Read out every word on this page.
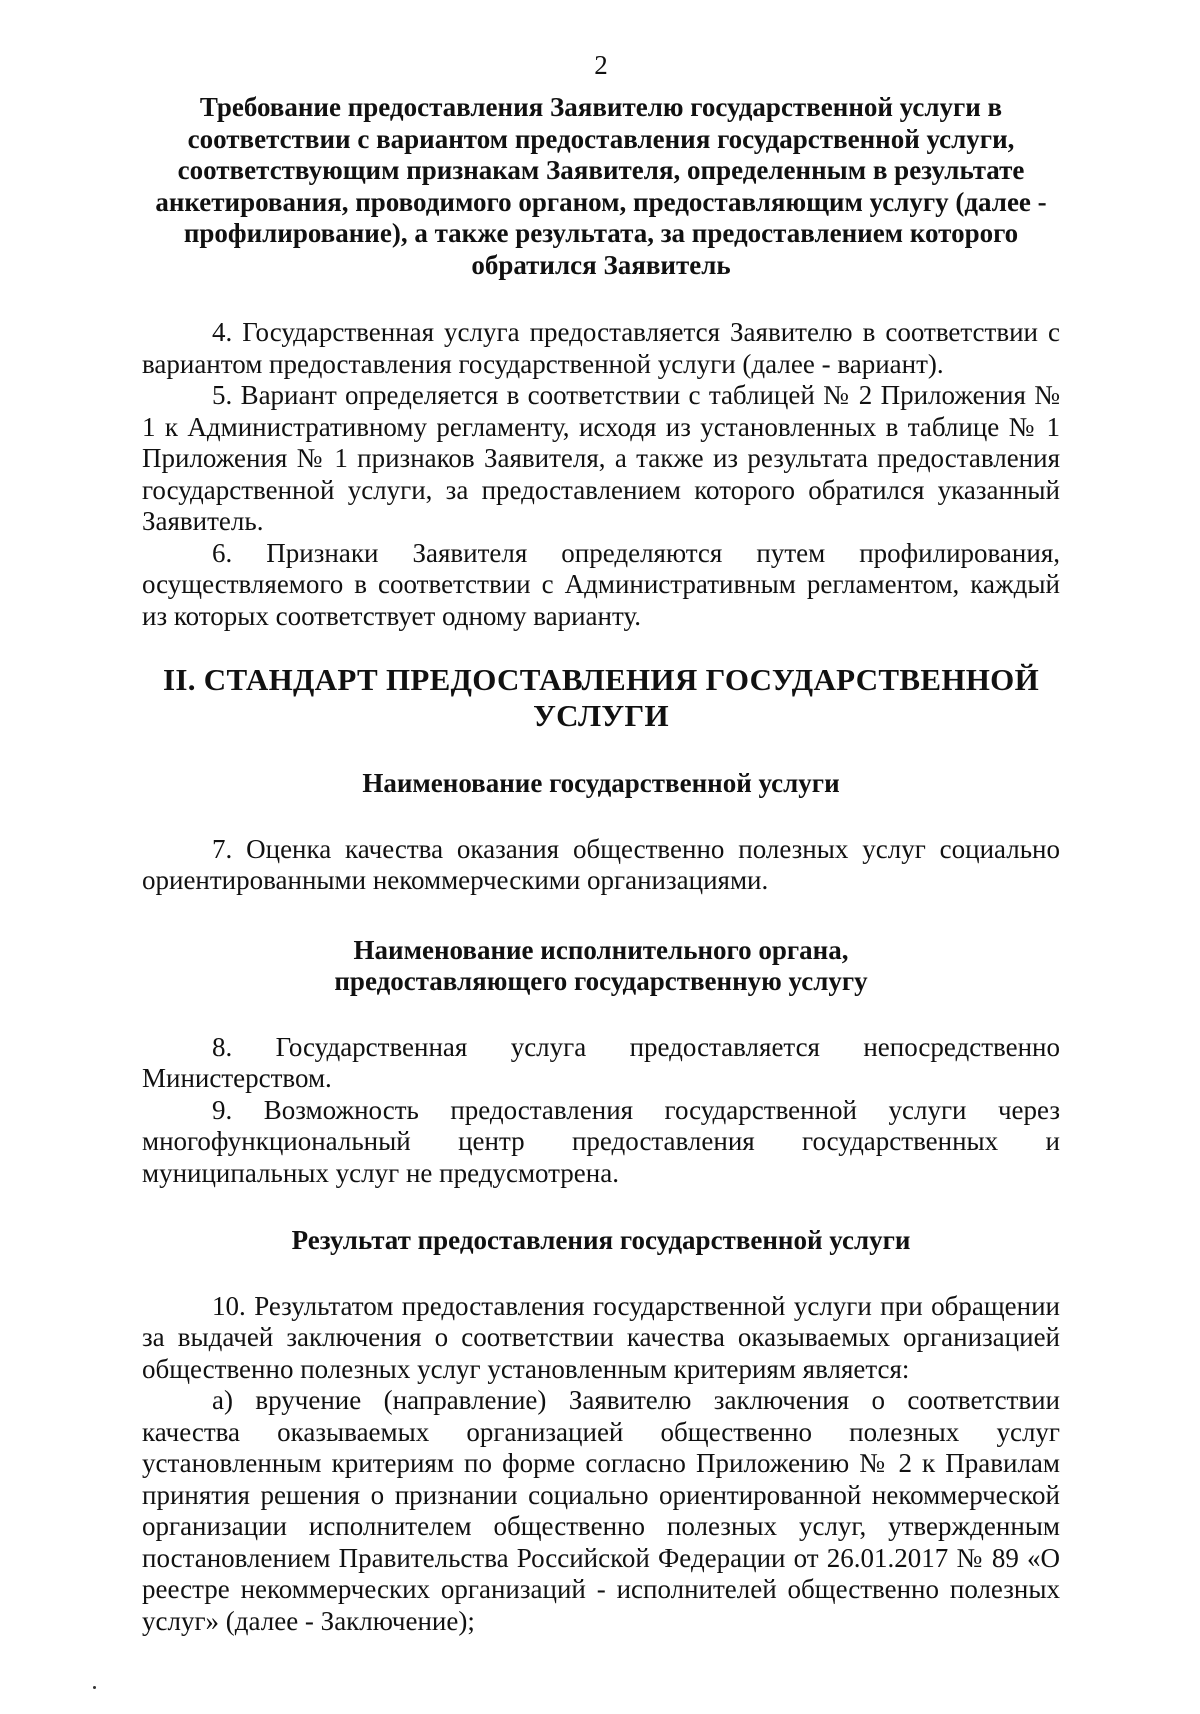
2
Требование предоставления Заявителю государственной услуги в
соответствии с вариантом предоставления государственной услуги,
соответствующим признакам Заявителя, определенным в результате
анкетирования, проводимого органом, предоставляющим услугу (далее -
профилирование), а также результата, за предоставлением которого
обратился Заявитель

4. Государственная услуга предоставляется Заявителю в соответствии с вариантом предоставления государственной услуги (далее - вариант).

5. Вариант определяется в соответствии с таблицей № 2 Приложения № 1 к Административному регламенту, исходя из установленных в таблице № 1 Приложения № 1 признаков Заявителя, а также из результата предоставления государственной услуги, за предоставлением которого обратился указанный Заявитель.

6. Признаки Заявителя определяются путем профилирования, осуществляемого в соответствии с Административным регламентом, каждый из которых соответствует одному варианту.

II. СТАНДАРТ ПРЕДОСТАВЛЕНИЯ ГОСУДАРСТВЕННОЙ УСЛУГИ
Наименование государственной услуги

7. Оценка качества оказания общественно полезных услуг социально ориентированными некоммерческими организациями.

Наименование исполнительного органа,
предоставляющего государственную услугу

8. Государственная услуга предоставляется непосредственно Министерством.

9. Возможность предоставления государственной услуги через многофункциональный центр предоставления государственных и муниципальных услуг не предусмотрена.

Результат предоставления государственной услуги

10. Результатом предоставления государственной услуги при обращении за выдачей заключения о соответствии качества оказываемых организацией общественно полезных услуг установленным критериям является:

а) вручение (направление) Заявителю заключения о соответствии качества оказываемых организацией общественно полезных услуг установленным критериям по форме согласно Приложению № 2 к Правилам принятия решения о признании социально ориентированной некоммерческой организации исполнителем общественно полезных услуг, утвержденным постановлением Правительства Российской Федерации от 26.01.2017 № 89 «О реестре некоммерческих организаций - исполнителей общественно полезных услуг» (далее - Заключение);
